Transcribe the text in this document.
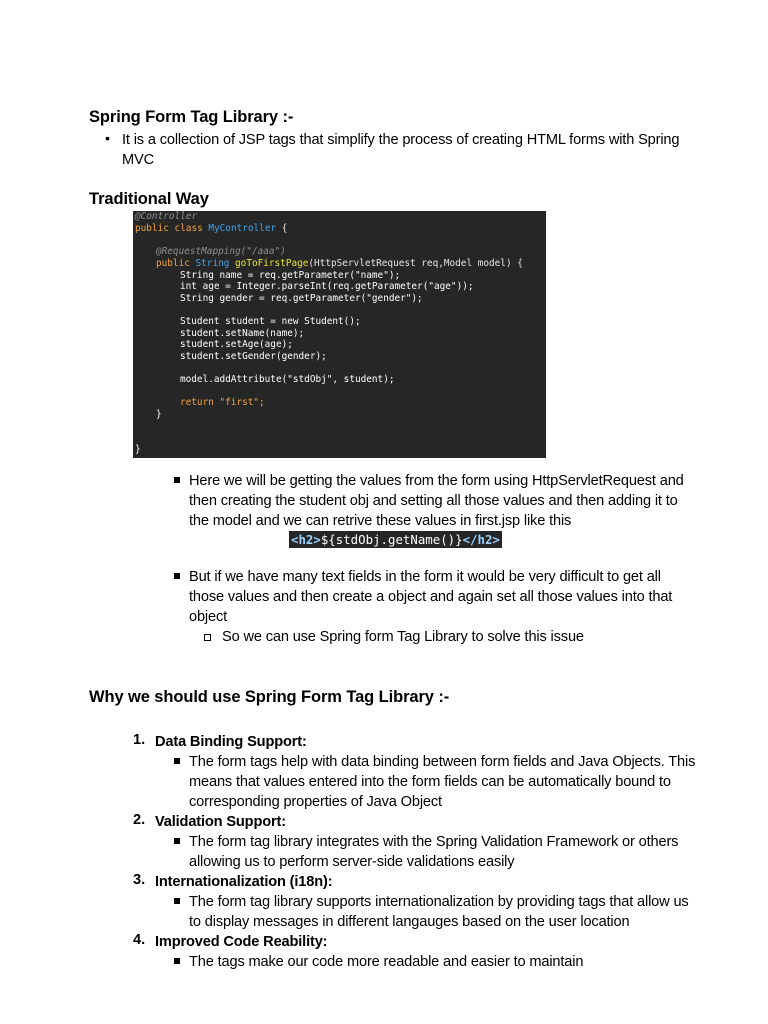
Spring Form Tag Library :-
• It is a collection of JSP tags that simplify the process of creating HTML forms with Spring
MVC
Traditional Way
@Controller
public class MyController {
@RequestMapping("/aaa")
public String goToFirstPage(HttpServletRequest req,Model model) {
String name = req.getParameter("name");
int age = Integer.parseInt(req.getParameter("age"));
String gender = req.getParameter("gender");
Student student = new Student();
student.setName(name);
student.setAge(age);
student.setGender(gender);
model.addAttribute("stdObj", student);
return "first";
}
}
Here we will be getting the values from the form using HttpServletRequest and
then creating the student obj and setting all those values and then adding it to
the model and we can retrive these values in first.jsp like this
<h2>${stdObj.getName()}</h2>
But if we have many text fields in the form it would be very difficult to get all
those values and then create a object and again set all those values into that
object
So we can use Spring form Tag Library to solve this issue
Why we should use Spring Form Tag Library :-
1. Data Binding Support:
The form tags help with data binding between form fields and Java Objects. This
means that values entered into the form fields can be automatically bound to
corresponding properties of Java Object
2. Validation Support:
The form tag library integrates with the Spring Validation Framework or others
allowing us to perform server-side validations easily
3. Internationalization (i18n):
The form tag library supports internationalization by providing tags that allow us
to display messages in different langauges based on the user location
4. Improved Code Reability:
The tags make our code more readable and easier to maintain
